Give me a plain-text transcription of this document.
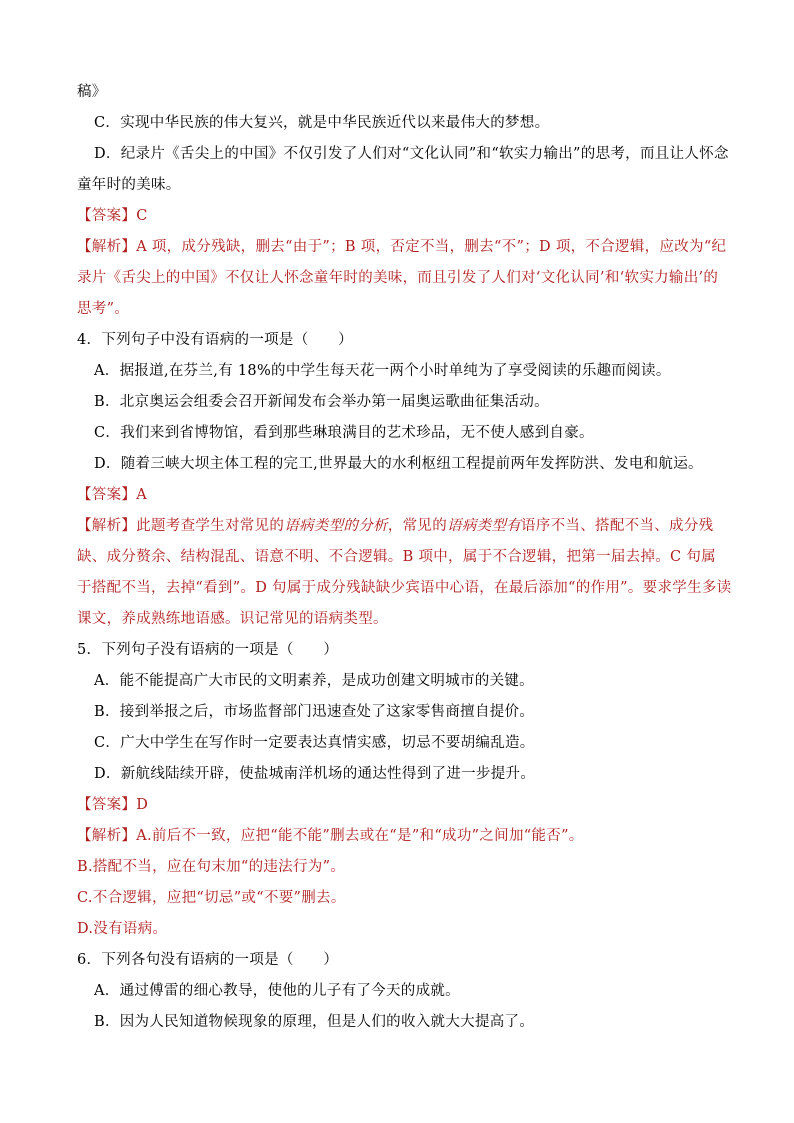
稿》
C．实现中华民族的伟大复兴，就是中华民族近代以来最伟大的梦想。
D．纪录片《舌尖上的中国》不仅引发了人们对“文化认同”和“软实力输出”的思考，而且让人怀念
童年时的美味。
【答案】C
【解析】A 项，成分残缺，删去“由于”；B 项，否定不当，删去“不”；D 项，不合逻辑，应改为“纪
录片《舌尖上的中国》不仅让人怀念童年时的美味，而且引发了人们对‘文化认同’和‘软实力输出’的
思考”。
4．下列句子中没有语病的一项是（　　）
A．据报道,在芬兰,有 18%的中学生每天花一两个小时单纯为了享受阅读的乐趣而阅读。
B．北京奥运会组委会召开新闻发布会举办第一届奥运歌曲征集活动。
C．我们来到省博物馆，看到那些琳琅满目的艺术珍品，无不使人感到自豪。
D．随着三峡大坝主体工程的完工,世界最大的水利枢纽工程提前两年发挥防洪、发电和航运。
【答案】A
【解析】此题考查学生对常见的语病类型的分析，常见的语病类型有语序不当、搭配不当、成分残
缺、成分赘余、结构混乱、语意不明、不合逻辑。B 项中，属于不合逻辑，把第一届去掉。C 句属
于搭配不当，去掉“看到”。D 句属于成分残缺缺少宾语中心语，在最后添加“的作用”。要求学生多读
课文，养成熟练地语感。识记常见的语病类型。
5．下列句子没有语病的一项是（　　）
A．能不能提高广大市民的文明素养，是成功创建文明城市的关键。
B．接到举报之后，市场监督部门迅速查处了这家零售商擅自提价。
C．广大中学生在写作时一定要表达真情实感，切忌不要胡编乱造。
D．新航线陆续开辟，使盐城南洋机场的通达性得到了进一步提升。
【答案】D
【解析】A.前后不一致，应把“能不能”删去或在“是”和“成功”之间加“能否”。
B.搭配不当，应在句末加“的违法行为”。
C.不合逻辑，应把“切忌”或“不要”删去。
D.没有语病。
6．下列各句没有语病的一项是（　　）
A．通过傅雷的细心教导，使他的儿子有了今天的成就。
B．因为人民知道物候现象的原理，但是人们的收入就大大提高了。
